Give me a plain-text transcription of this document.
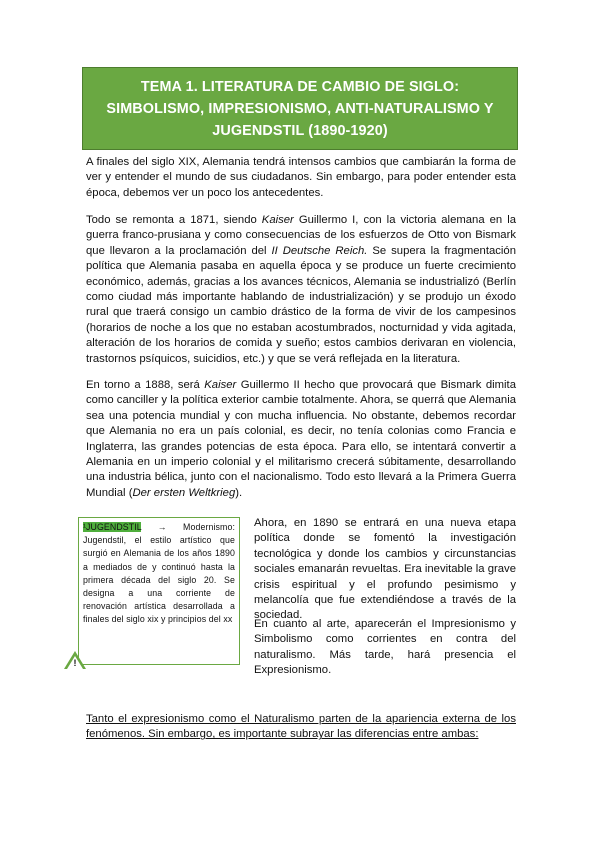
TEMA 1. LITERATURA DE CAMBIO DE SIGLO:
SIMBOLISMO, IMPRESIONISMO, ANTI-NATURALISMO Y
JUGENDSTIL (1890-1920)

A finales del siglo XIX, Alemania tendrá intensos cambios que cambiarán la forma de ver y entender el mundo de sus ciudadanos. Sin embargo, para poder entender esta época, debemos ver un poco los antecedentes.

Todo se remonta a 1871, siendo Kaiser Guillermo I, con la victoria alemana en la guerra franco-prusiana y como consecuencias de los esfuerzos de Otto von Bismark que llevaron a la proclamación del II Deutsche Reich. Se supera la fragmentación política que Alemania pasaba en aquella época y se produce un fuerte crecimiento económico, además, gracias a los avances técnicos, Alemania se industrializó (Berlín como ciudad más importante hablando de industrialización) y se produjo un éxodo rural que traerá consigo un cambio drástico de la forma de vivir de los campesinos (horarios de noche a los que no estaban acostumbrados, nocturnidad y vida agitada, alteración de los horarios de comida y sueño; estos cambios derivaran en violencia, trastornos psíquicos, suicidios, etc.) y que se verá reflejada en la literatura.

En torno a 1888, será Kaiser Guillermo II hecho que provocará que Bismark dimita como canciller y la política exterior cambie totalmente. Ahora, se querrá que Alemania sea una potencia mundial y con mucha influencia. No obstante, debemos recordar que Alemania no era un país colonial, es decir, no tenía colonias como Francia e Inglaterra, las grandes potencias de esta época. Para ello, se intentará convertir a Alemania en un imperio colonial y el militarismo crecerá súbitamente, desarrollando una industria bélica, junto con el nacionalismo. Todo esto llevará a la Primera Guerra Mundial (Der ersten Weltkrieg).

¹JUGENDSTIL → Modernismo: Jugendstil, el estilo artístico que surgió en Alemania de los años 1890 a mediados de y continuó hasta la primera década del siglo 20. Se designa a una corriente de renovación artística desarrollada a finales del siglo xix y principios del xx
!

Ahora, en 1890 se entrará en una nueva etapa política donde se fomentó la investigación tecnológica y donde los cambios y circunstancias sociales emanarán revueltas. Era inevitable la grave crisis espiritual y el profundo pesimismo y melancolía que fue extendiéndose a través de la sociedad.

En cuanto al arte, aparecerán el Impresionismo y Simbolismo como corrientes en contra del naturalismo. Más tarde, hará presencia el Expresionismo.

Tanto el expresionismo como el Naturalismo parten de la apariencia externa de los fenómenos. Sin embargo, es importante subrayar las diferencias entre ambas:
